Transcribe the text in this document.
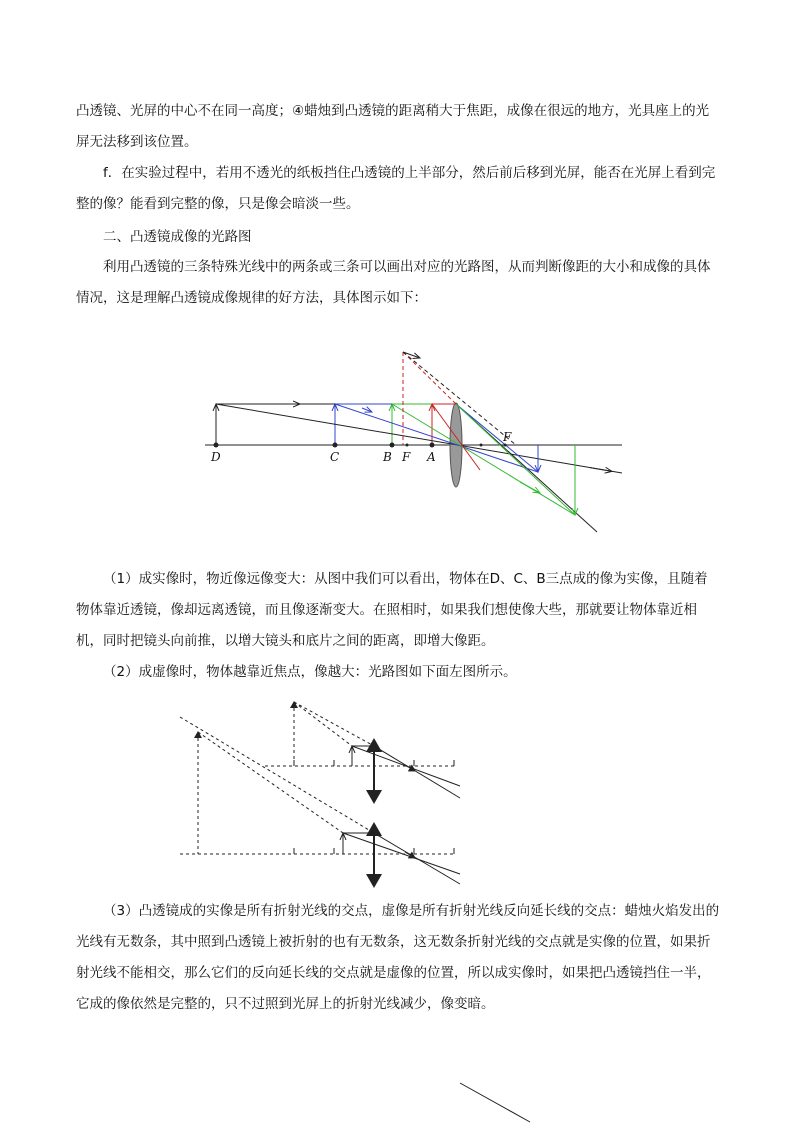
凸透镜、光屏的中心不在同一高度；④蜡烛到凸透镜的距离稍大于焦距，成像在很远的地方，光具座上的光屏无法移到该位置。

f．在实验过程中，若用不透光的纸板挡住凸透镜的上半部分，然后前后移到光屏，能否在光屏上看到完整的像？能看到完整的像，只是像会暗淡一些。

二、凸透镜成像的光路图

利用凸透镜的三条特殊光线中的两条或三条可以画出对应的光路图，从而判断像距的大小和成像的具体情况，这是理解凸透镜成像规律的好方法，具体图示如下：

D	C	B F A
F

（1）成实像时，物近像远像变大：从图中我们可以看出，物体在D、C、B三点成的像为实像，且随着物体靠近透镜，像却远离透镜，而且像逐渐变大。在照相时，如果我们想使像大些，那就要让物体靠近相机，同时把镜头向前推，以增大镜头和底片之间的距离，即增大像距。

（2）成虚像时，物体越靠近焦点，像越大：光路图如下面左图所示。

（3）凸透镜成的实像是所有折射光线的交点，虚像是所有折射光线反向延长线的交点：蜡烛火焰发出的光线有无数条，其中照到凸透镜上被折射的也有无数条，这无数条折射光线的交点就是实像的位置，如果折射光线不能相交，那么它们的反向延长线的交点就是虚像的位置，所以成实像时，如果把凸透镜挡住一半，它成的像依然是完整的，只不过照到光屏上的折射光线减少，像变暗。
